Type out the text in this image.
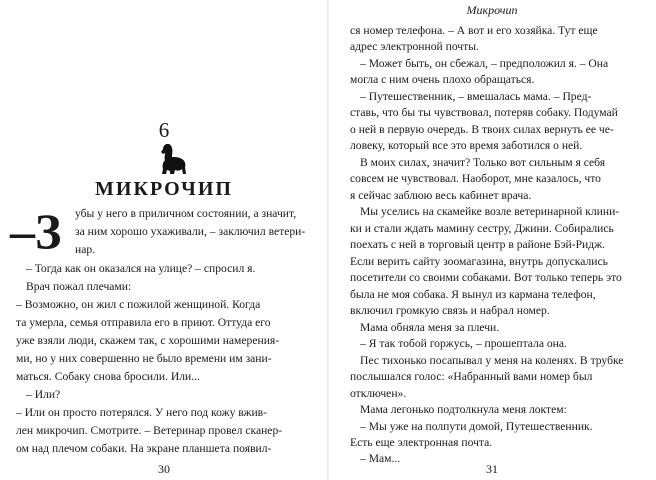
6
МИКРОЧИП
–З убы у него в приличном состоянии, а значит,
за ним хорошо ухаживали, – заключил ветери-
нар.
– Тогда как он оказался на улице? – спросил я.
Врач пожал плечами:
– Возможно, он жил с пожилой женщиной. Когда
та умерла, семья отправила его в приют. Оттуда его
уже взяли люди, скажем так, с хорошими намерения-
ми, но у них совершенно не было времени им зани-
маться. Собаку снова бросили. Или...
– Или?
– Или он просто потерялся. У него под кожу вжив-
лен микрочип. Смотрите. – Ветеринар провел сканер-
ом над плечом собаки. На экране планшета появил-
30
Микрочип
ся номер телефона. – А вот и его хозяйка. Тут еще
адрес электронной почты.
– Может быть, он сбежал, – предположил я. – Она
могла с ним очень плохо обращаться.
– Путешественник, – вмешалась мама. – Пред-
ставь, что бы ты чувствовал, потеряв собаку. Подумай
о ней в первую очередь. В твоих силах вернуть ее че-
ловеку, который все это время заботился о ней.
В моих силах, значит? Только вот сильным я себя
совсем не чувствовал. Наоборот, мне казалось, что
я сейчас заблюю весь кабинет врача.
Мы уселись на скамейке возле ветеринарной клини-
ки и стали ждать мамину сестру, Джини. Собирались
поехать с ней в торговый центр в районе Бэй-Ридж.
Если верить сайту зоомагазина, внутрь допускались
посетители со своими собаками. Вот только теперь это
была не моя собака. Я вынул из кармана телефон,
включил громкую связь и набрал номер.
Мама обняла меня за плечи.
– Я так тобой горжусь, – прошептала она.
Пес тихонько посапывал у меня на коленях. В трубке
послышался голос: «Набранный вами номер был
отключен».
Мама легонько подтолкнула меня локтем:
– Мы уже на полпути домой, Путешественник.
Есть еще электронная почта.
– Мам...
31
